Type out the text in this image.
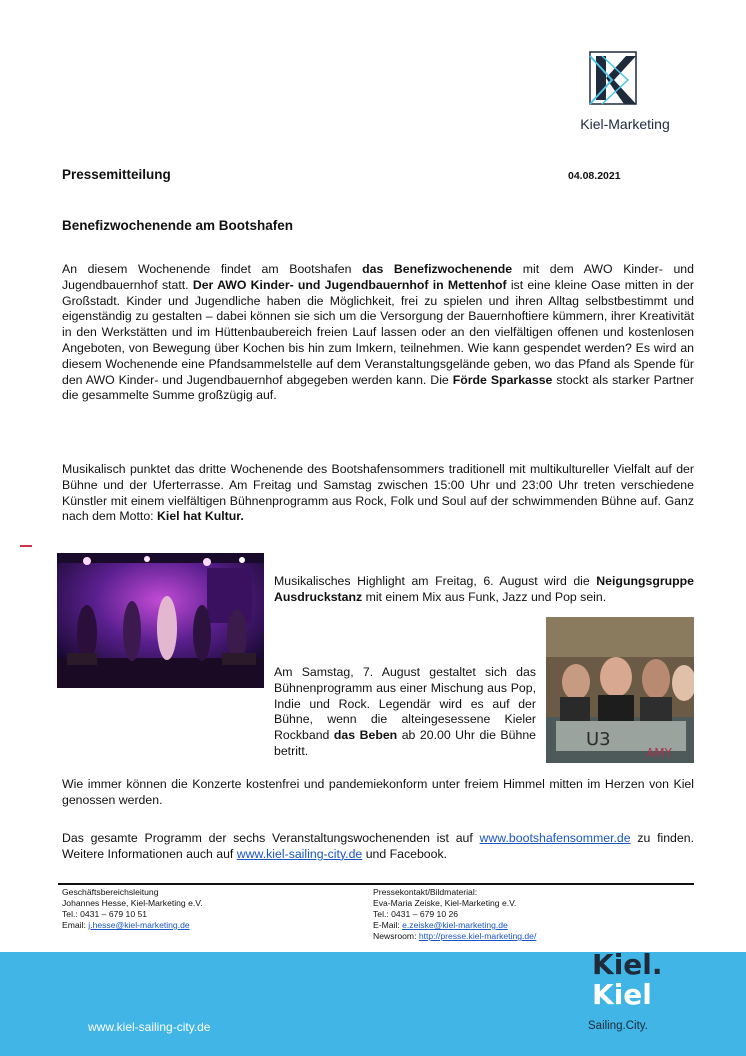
Kiel-Marketing
Pressemitteilung	04.08.2021
Benefizwochenende am Bootshafen
An diesem Wochenende findet am Bootshafen das Benefizwochenende mit dem AWO Kinder- und Jugendbauernhof statt. Der AWO Kinder- und Jugendbauernhof in Mettenhof ist eine kleine Oase mitten in der Großstadt. Kinder und Jugendliche haben die Möglichkeit, frei zu spielen und ihren Alltag selbstbestimmt und eigenständig zu gestalten – dabei können sie sich um die Versorgung der Bauernhoftiere kümmern, ihrer Kreativität in den Werkstätten und im Hüttenbaubereich freien Lauf lassen oder an den vielfältigen offenen und kostenlosen Angeboten, von Bewegung über Kochen bis hin zum Imkern, teilnehmen. Wie kann gespendet werden? Es wird an diesem Wochenende eine Pfandsammelstelle auf dem Veranstaltungsgelände geben, wo das Pfand als Spende für den AWO Kinder- und Jugendbauernhof abgegeben werden kann. Die Förde Sparkasse stockt als starker Partner die gesammelte Summe großzügig auf.
Musikalisch punktet das dritte Wochenende des Bootshafensommers traditionell mit multikultureller Vielfalt auf der Bühne und der Uferterrasse. Am Freitag und Samstag zwischen 15:00 Uhr und 23:00 Uhr treten verschiedene Künstler mit einem vielfältigen Bühnenprogramm aus Rock, Folk und Soul auf der schwimmenden Bühne auf. Ganz nach dem Motto: Kiel hat Kultur.
Musikalisches Highlight am Freitag, 6. August wird die Neigungsgruppe Ausdruckstanz mit einem Mix aus Funk, Jazz und Pop sein.
U3
AMY
Am Samstag, 7. August gestaltet sich das Bühnenprogramm aus einer Mischung aus Pop, Indie und Rock. Legendär wird es auf der Bühne, wenn die alteingesessene Kieler Rockband das Beben ab 20.00 Uhr die Bühne betritt.
Wie immer können die Konzerte kostenfrei und pandemiekonform unter freiem Himmel mitten im Herzen von Kiel genossen werden.
Das gesamte Programm der sechs Veranstaltungswochenenden ist auf www.bootshafensommer.de zu finden. Weitere Informationen auch auf www.kiel-sailing-city.de und Facebook.
Geschäftsbereichsleitung
Johannes Hesse, Kiel-Marketing e.V.
Tel.: 0431 – 679 10 51
Email: j.hesse@kiel-marketing.de
Pressekontakt/Bildmaterial:
Eva-Maria Zeiske, Kiel-Marketing e.V.
Tel.: 0431 – 679 10 26
E-Mail: e.zeiske@kiel-marketing.de
Newsroom: http://presse.kiel-marketing.de/
www.kiel-sailing-city.de
Kiel.
Kiel
Sailing.City.
